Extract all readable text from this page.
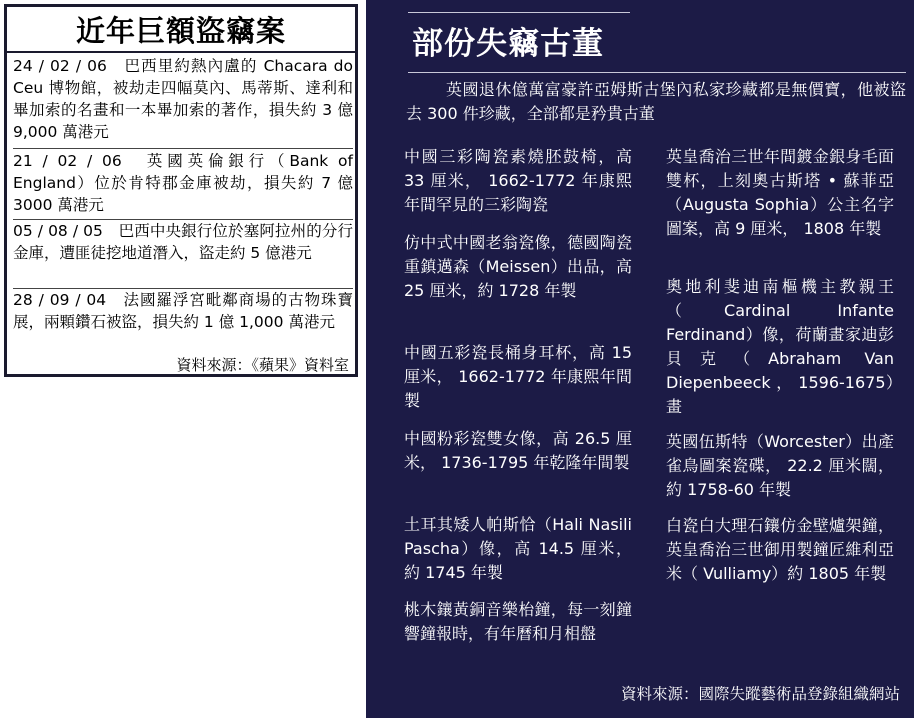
近年巨額盜竊案
24 / 02 / 06　巴西里約熱內盧的 Chacara do Ceu 博物館，被劫走四幅莫內、馬蒂斯、達利和畢加索的名畫和一本畢加索的著作，損失約 3 億 9,000 萬港元
21 / 02 / 06　英國英倫銀行（Bank of England）位於肯特郡金庫被劫，損失約 7 億 3000 萬港元
05 / 08 / 05　巴西中央銀行位於塞阿拉州的分行金庫，遭匪徒挖地道潛入，盜走約 5 億港元
28 / 09 / 04　法國羅浮宮毗鄰商場的古物珠寶展，兩顆鑽石被盜，損失約 1 億 1,000 萬港元
資料來源：《蘋果》資料室
部份失竊古董
英國退休億萬富豪許亞姆斯古堡內私家珍藏都是無價寶，他被盜去 300 件珍藏，全部都是矜貴古董
中國三彩陶瓷素燒胚鼓椅，高 33 厘米， 1662-1772 年康熙年間罕見的三彩陶瓷
仿中式中國老翁瓷像，德國陶瓷重鎮邁森（Meissen）出品，高 25 厘米，約 1728 年製
中國五彩瓷長桶身耳杯，高 15 厘米， 1662-1772 年康熙年間製
中國粉彩瓷雙女像，高 26.5 厘米， 1736-1795 年乾隆年間製
土耳其矮人帕斯恰（Hali Nasili Pascha）像，高 14.5 厘米，約 1745 年製
桃木鑲黃銅音樂枱鐘，每一刻鐘響鐘報時，有年曆和月相盤
英皇喬治三世年間鍍金銀身毛面雙杯，上刻奧古斯塔 • 蘇菲亞（Augusta Sophia）公主名字圖案，高 9 厘米， 1808 年製
奧地利斐迪南樞機主教親王（Cardinal Infante Ferdinand）像，荷蘭畫家迪彭貝克（Abraham Van Diepenbeeck ， 1596-1675）畫
英國伍斯特（Worcester）出產雀鳥圖案瓷碟， 22.2 厘米闊，約 1758-60 年製
白瓷白大理石鑲仿金壁爐架鐘，英皇喬治三世御用製鐘匠維利亞米（ Vulliamy）約 1805 年製
資料來源：國際失蹤藝術品登錄組織網站
